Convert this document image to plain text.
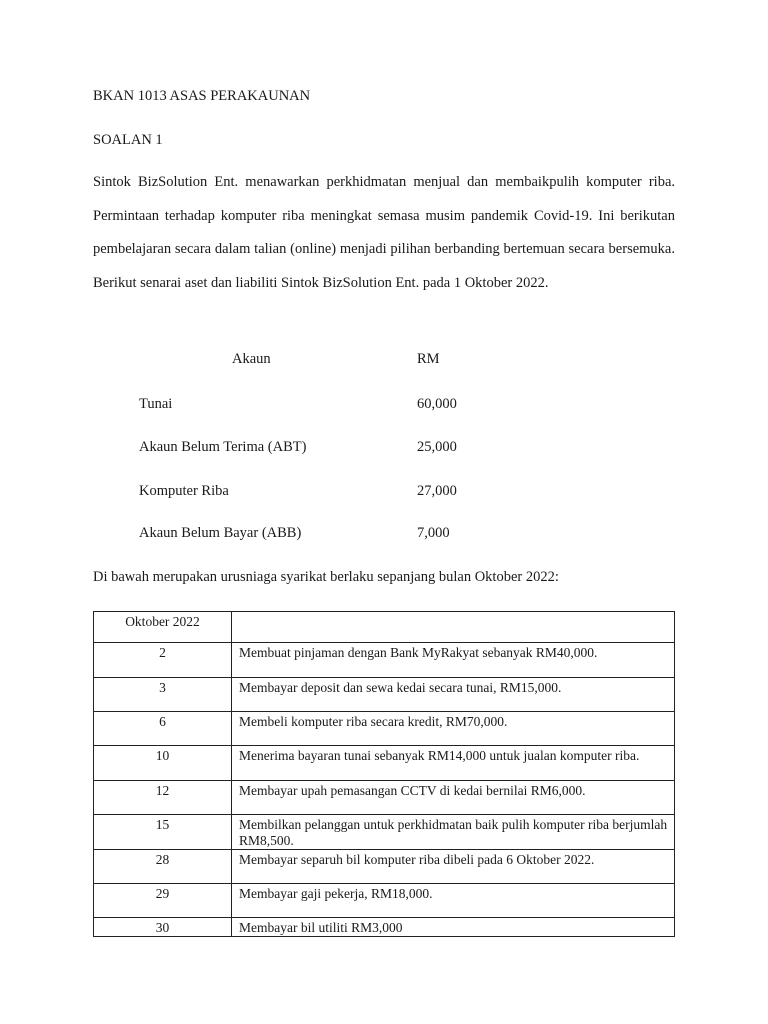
BKAN 1013 ASAS PERAKAUNAN
SOALAN 1

Sintok BizSolution Ent. menawarkan perkhidmatan menjual dan membaikpulih komputer riba. Permintaan terhadap komputer riba meningkat semasa musim pandemik Covid-19. Ini berikutan pembelajaran secara dalam talian (online) menjadi pilihan berbanding bertemuan secara bersemuka. Berikut senarai aset dan liabiliti Sintok BizSolution Ent. pada 1 Oktober 2022.

Akaun	RM
Tunai	60,000
Akaun Belum Terima (ABT)	25,000
Komputer Riba	27,000
Akaun Belum Bayar (ABB)	7,000
Di bawah merupakan urusniaga syarikat berlaku sepanjang bulan Oktober 2022:
Oktober 2022	
2	Membuat pinjaman dengan Bank MyRakyat sebanyak RM40,000.
3	Membayar deposit dan sewa kedai secara tunai, RM15,000.
6	Membeli komputer riba secara kredit, RM70,000.
10	Menerima bayaran tunai sebanyak RM14,000 untuk jualan komputer riba.
12	Membayar upah pemasangan CCTV di kedai bernilai RM6,000.
15	Membilkan pelanggan untuk perkhidmatan baik pulih komputer riba berjumlah RM8,500.
28	Membayar separuh bil komputer riba dibeli pada 6 Oktober 2022.
29	Membayar gaji pekerja, RM18,000.
30	Membayar bil utiliti RM3,000
